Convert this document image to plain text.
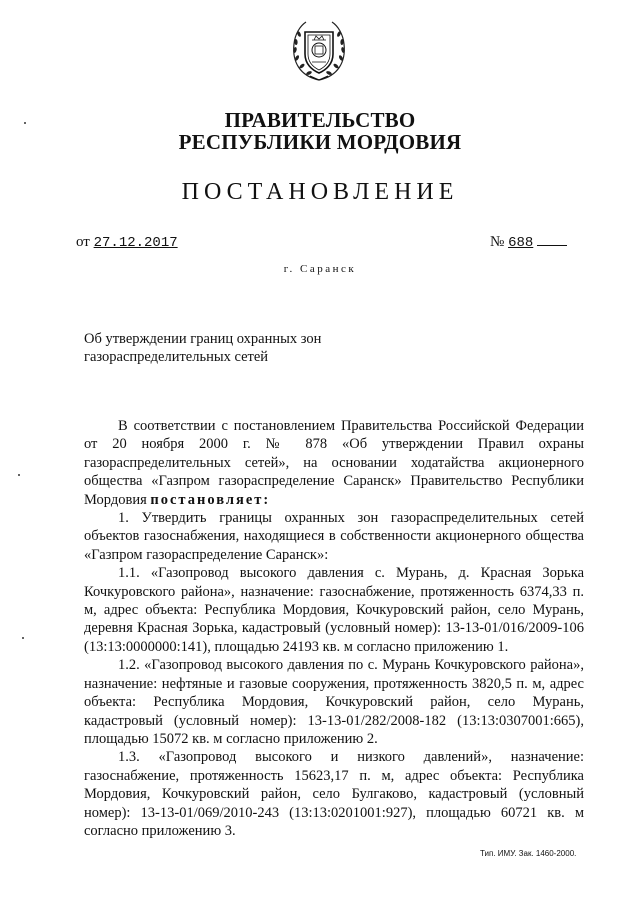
ПРАВИТЕЛЬСТВО
РЕСПУБЛИКИ МОРДОВИЯ
ПОСТАНОВЛЕНИЕ
от 27.12.2017	№ 688
г. Саранск
Об утверждении границ охранных зон
газораспределительных сетей

В соответствии с постановлением Правительства Российской Федерации от 20 ноября 2000 г. № 878 «Об утверждении Правил охраны газораспределительных сетей», на основании ходатайства акционерного общества «Газпром газораспределение Саранск» Правительство Республики Мордовия постановляет:

1. Утвердить границы охранных зон газораспределительных сетей объектов газоснабжения, находящиеся в собственности акционерного общества «Газпром газораспределение Саранск»:

1.1. «Газопровод высокого давления с. Мурань, д. Красная Зорька Кочкуровского района», назначение: газоснабжение, протяженность 6374,33 п. м, адрес объекта: Республика Мордовия, Кочкуровский район, село Мурань, деревня Красная Зорька, кадастровый (условный номер): 13-13-01/016/2009-106 (13:13:0000000:141), площадью 24193 кв. м согласно приложению 1.

1.2. «Газопровод высокого давления по с. Мурань Кочкуровского района», назначение: нефтяные и газовые сооружения, протяженность 3820,5 п. м, адрес объекта: Республика Мордовия, Кочкуровский район, село Мурань, кадастровый (условный номер): 13-13-01/282/2008-182 (13:13:0307001:665), площадью 15072 кв. м согласно приложению 2.

1.3. «Газопровод высокого и низкого давлений», назначение: газоснабжение, протяженность 15623,17 п. м, адрес объекта: Республика Мордовия, Кочкуровский район, село Булгаково, кадастровый (условный номер): 13-13-01/069/2010-243 (13:13:0201001:927), площадью 60721 кв. м согласно приложению 3.

Тип. ИМУ. Зак. 1460-2000.
